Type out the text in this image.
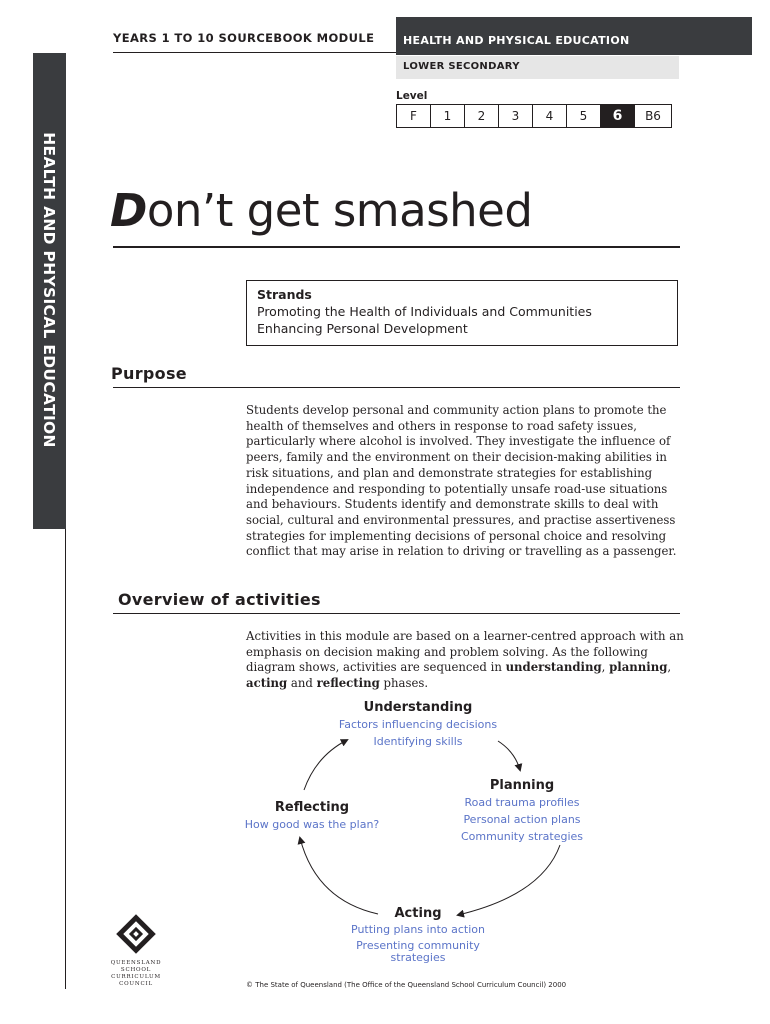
YEARS 1 TO 10 SOURCEBOOK MODULE	HEALTH AND PHYSICAL EDUCATION
LOWER SECONDARY
Level
F	1	2	3	4	5	6	B6
HEALTH AND PHYSICAL EDUCATION Don’t get smashed
Strands
Promoting the Health of Individuals and Communities
Enhancing Personal Development
Purpose
Students develop personal and community action plans to promote the health of themselves and others in response to road safety issues, particularly where alcohol is involved. They investigate the influence of peers, family and the environment on their decision-making abilities in risk situations, and plan and demonstrate strategies for establishing independence and responding to potentially unsafe road-use situations and behaviours. Students identify and demonstrate skills to deal with social, cultural and environmental pressures, and practise assertiveness strategies for implementing decisions of personal choice and resolving conflict that may arise in relation to driving or travelling as a passenger.
Overview of activities
Activities in this module are based on a learner-centred approach with an emphasis on decision making and problem solving. As the following diagram shows, activities are sequenced in understanding, planning, acting and reflecting phases.
Understanding
Factors influencing decisions
Identifying skills
Planning
Road trauma profiles
Personal action plans
Community strategies
Reflecting
How good was the plan?
Acting
Putting plans into action
Presenting community
strategies
QUEENSLAND
SCHOOL
CURRICULUM
COUNCIL	© The State of Queensland (The Office of the Queensland School Curriculum Council) 2000
